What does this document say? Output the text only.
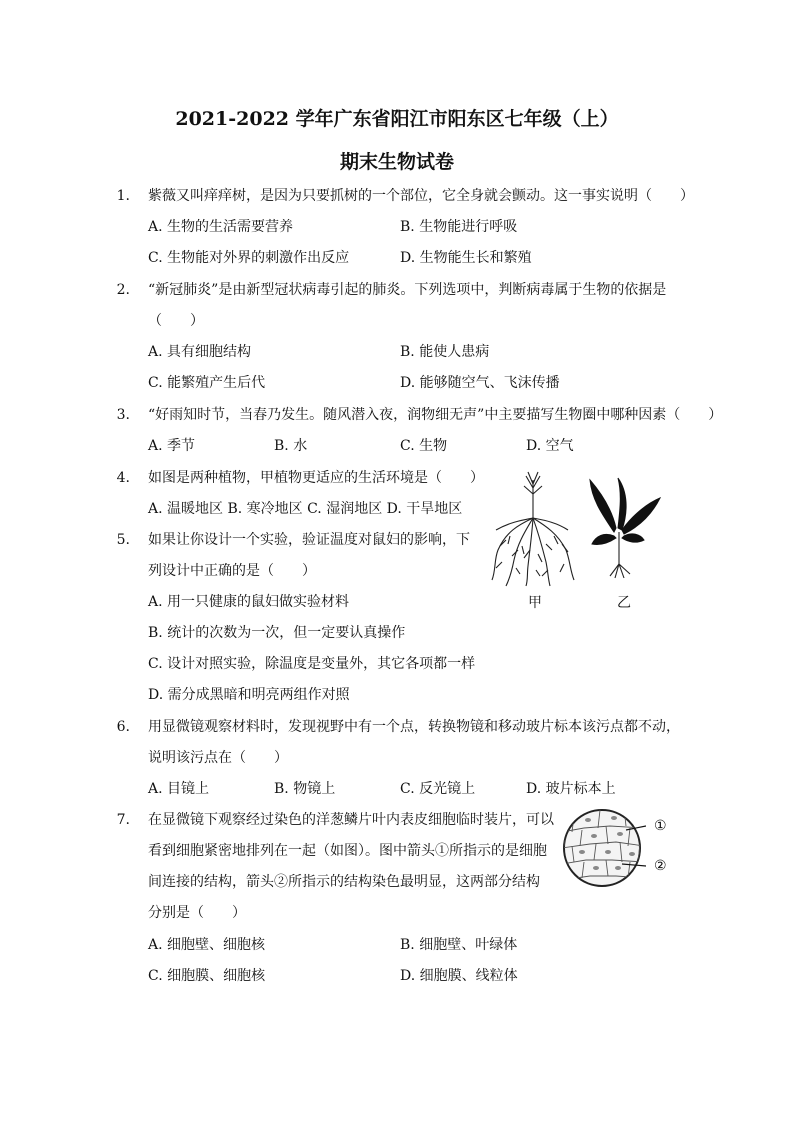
2021-2022 学年广东省阳江市阳东区七年级（上）
期末生物试卷
1. 紫薇又叫痒痒树，是因为只要抓树的一个部位，它全身就会颤动。这一事实说明（　　）
A. 生物的生活需要营养	B. 生物能进行呼吸
C. 生物能对外界的刺激作出反应	D. 生物能生长和繁殖
2. “新冠肺炎”是由新型冠状病毒引起的肺炎。下列选项中，判断病毒属于生物的依据是
（　　）
A. 具有细胞结构	B. 能使人患病
C. 能繁殖产生后代	D. 能够随空气、飞沫传播
3. “好雨知时节，当春乃发生。随风潜入夜，润物细无声”中主要描写生物圈中哪种因素（　　）
A. 季节	B. 水	C. 生物	D. 空气
4. 如图是两种植物，甲植物更适应的生活环境是（　　）
A. 温暖地区 B. 寒冷地区 C. 湿润地区 D. 干旱地区
甲	乙
5. 如果让你设计一个实验，验证温度对鼠妇的影响，下
列设计中正确的是（　　）
A. 用一只健康的鼠妇做实验材料
B. 统计的次数为一次，但一定要认真操作
C. 设计对照实验，除温度是变量外，其它各项都一样
D. 需分成黑暗和明亮两组作对照
6. 用显微镜观察材料时，发现视野中有一个点，转换物镜和移动玻片标本该污点都不动，
说明该污点在（　　）
A. 目镜上	B. 物镜上	C. 反光镜上	D. 玻片标本上
7. 在显微镜下观察经过染色的洋葱鳞片叶内表皮细胞临时装片，可以
看到细胞紧密地排列在一起（如图）。图中箭头①所指示的是细胞
间连接的结构，箭头②所指示的结构染色最明显，这两部分结构
分别是（　　）
A. 细胞壁、细胞核	B. 细胞壁、叶绿体
C. 细胞膜、细胞核	D. 细胞膜、线粒体
①
②
